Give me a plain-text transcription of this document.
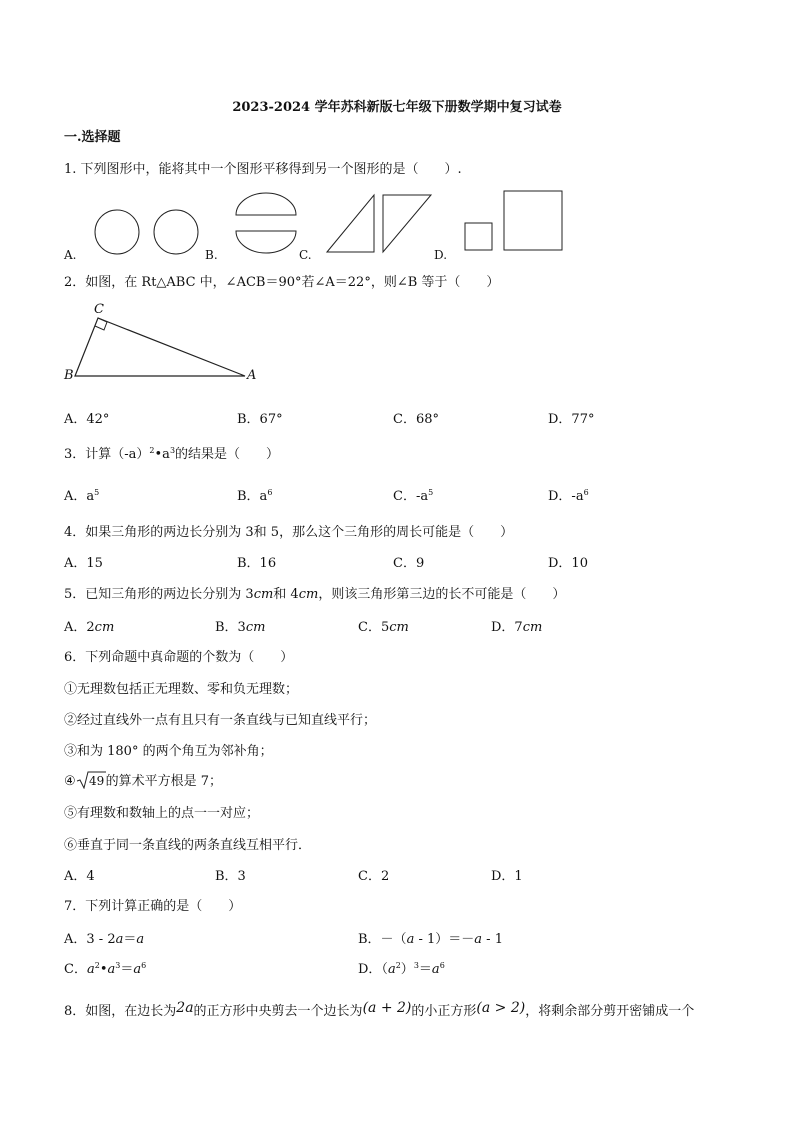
2023-2024 学年苏科新版七年级下册数学期中复习试卷
一.选择题
1. 下列图形中，能将其中一个图形平移得到另一个图形的是（　　）.
A.	B.	C.	D.
2．如图，在 Rt△ABC 中，∠ACB＝90°若∠A＝22°，则∠B 等于（　　）
C
B	A
A．42°	B．67°	C．68°	D．77°
3．计算$(-a)^2•a^3$的结果是（　　）
A．$a^5$	B．$a^6$	C．$-a^5$	D．$-a^6$
4．如果三角形的两边长分别为 3和 5，那么这个三角形的周长可能是（　　）
A．15	B．16	C．9	D．10
5．已知三角形的两边长分别为 3cm和 4cm，则该三角形第三边的长不可能是（　　）
A．2cm	B．3cm	C．5cm	D．7cm
6．下列命题中真命题的个数为（　　）
①无理数包括正无理数、零和负无理数；
②经过直线外一点有且只有一条直线与已知直线平行；
③和为 180° 的两个角互为邻补角；
④ 49 的算术平方根是 7；
⑤有理数和数轴上的点一一对应；
⑥垂直于同一条直线的两条直线互相平行．
A．4	B．3	C．2	D．1
7．下列计算正确的是（　　）
A．3 - 2a＝a	B．－（a - 1）＝－a - 1
C．$a^2•a^3=a^6$	D．$(a^2)^3=a^6$
8．如图，在边长为2a的正方形中央剪去一个边长为(a + 2)的小正方形(a > 2)，将剩余部分剪开密铺成一个
